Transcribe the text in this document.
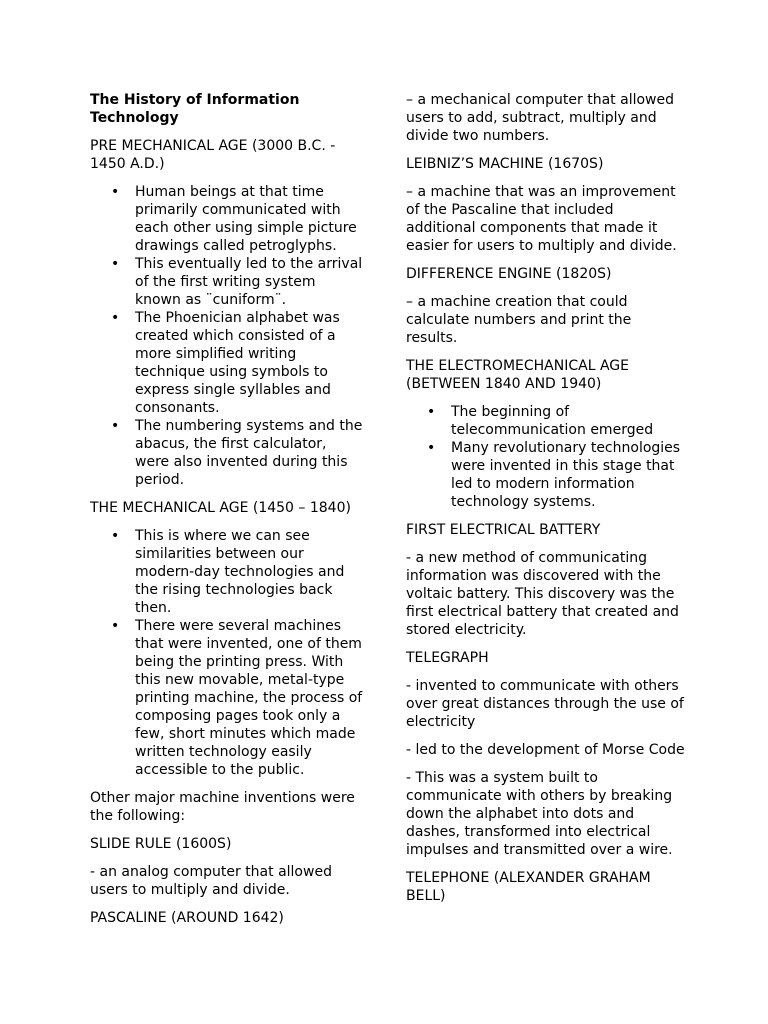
The History of Information Technology

PRE MECHANICAL AGE (3000 B.C. - 1450 A.D.)

• Human beings at that time primarily communicated with each other using simple picture drawings called petroglyphs.
• This eventually led to the arrival of the first writing system known as ¨cuniform¨.
• The Phoenician alphabet was created which consisted of a more simplified writing technique using symbols to express single syllables and consonants.
• The numbering systems and the abacus, the first calculator, were also invented during this period.

THE MECHANICAL AGE (1450 – 1840)

• This is where we can see similarities between our modern-day technologies and the rising technologies back then.
• There were several machines that were invented, one of them being the printing press. With this new movable, metal-type printing machine, the process of composing pages took only a few, short minutes which made written technology easily accessible to the public.

Other major machine inventions were the following:

SLIDE RULE (1600S)

- an analog computer that allowed users to multiply and divide.

PASCALINE (AROUND 1642)

– a mechanical computer that allowed users to add, subtract, multiply and divide two numbers.

LEIBNIZ’S MACHINE (1670S)

– a machine that was an improvement of the Pascaline that included additional components that made it easier for users to multiply and divide.

DIFFERENCE ENGINE (1820S)

– a machine creation that could calculate numbers and print the results.

THE ELECTROMECHANICAL AGE (BETWEEN 1840 AND 1940)

• The beginning of telecommunication emerged
• Many revolutionary technologies were invented in this stage that led to modern information technology systems.

FIRST ELECTRICAL BATTERY

- a new method of communicating information was discovered with the voltaic battery. This discovery was the first electrical battery that created and stored electricity.

TELEGRAPH

- invented to communicate with others over great distances through the use of electricity

- led to the development of Morse Code

- This was a system built to communicate with others by breaking down the alphabet into dots and dashes, transformed into electrical impulses and transmitted over a wire.

TELEPHONE (ALEXANDER GRAHAM BELL)
